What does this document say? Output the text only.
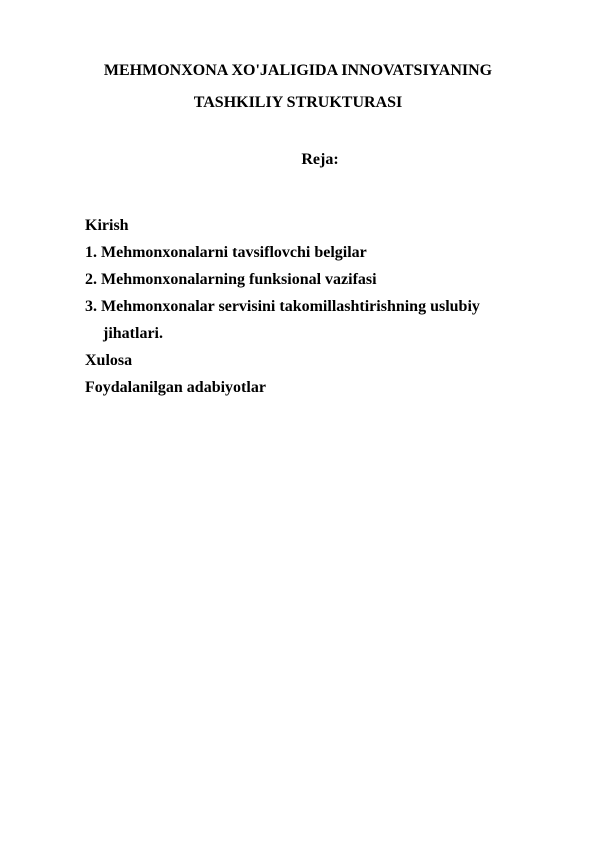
MEHMONXONA XO'JALIGIDA INNOVATSIYANING
TASHKILIY STRUKTURASI
Reja:
Kirish
1. Mehmonxonalarni tavsiflovchi belgilar
2. Mehmonxonalarning funksional vazifasi
3. Mehmonxonalar servisini takomillashtirishning uslubiy
jihatlari.
Xulosa
Foydalanilgan adabiyotlar
